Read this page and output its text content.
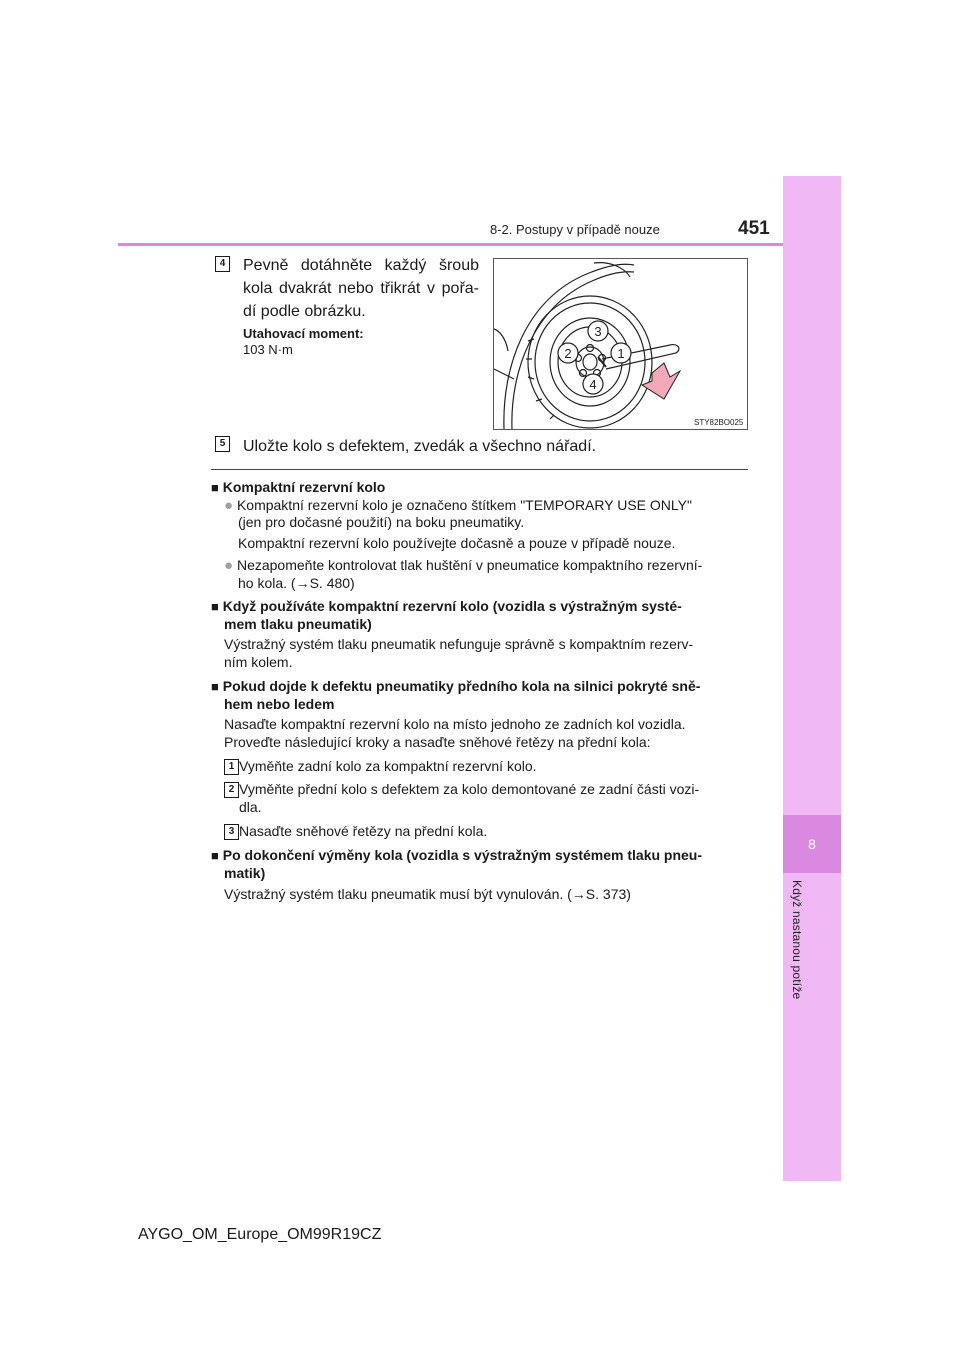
8
Když nastanou potíže
8-2. Postupy v případě nouze	451
4 Pevně dotáhněte každý šroub kola dvakrát nebo třikrát v pořa-dí podle obrázku.
Utahovací moment:
103 N·m
3
2	1
4
STY82BO025
5 Uložte kolo s defektem, zvedák a všechno nářadí.
■ Kompaktní rezervní kolo
● Kompaktní rezervní kolo je označeno štítkem "TEMPORARY USE ONLY"
(jen pro dočasné použití) na boku pneumatiky.
Kompaktní rezervní kolo používejte dočasně a pouze v případě nouze.
● Nezapomeňte kontrolovat tlak huštění v pneumatice kompaktního rezervní-
ho kola. (→S. 480)
■ Když používáte kompaktní rezervní kolo (vozidla s výstražným systé-
mem tlaku pneumatik)
Výstražný systém tlaku pneumatik nefunguje správně s kompaktním rezerv-
ním kolem.
■ Pokud dojde k defektu pneumatiky předního kola na silnici pokryté sně-
hem nebo ledem
Nasaďte kompaktní rezervní kolo na místo jednoho ze zadních kol vozidla.
Proveďte následující kroky a nasaďte sněhové řetězy na přední kola:
1 Vyměňte zadní kolo za kompaktní rezervní kolo.
2 Vyměňte přední kolo s defektem za kolo demontované ze zadní části vozi-
dla.
3 Nasaďte sněhové řetězy na přední kola.
■ Po dokončení výměny kola (vozidla s výstražným systémem tlaku pneu-
matik)
Výstražný systém tlaku pneumatik musí být vynulován. (→S. 373)
AYGO_OM_Europe_OM99R19CZ
